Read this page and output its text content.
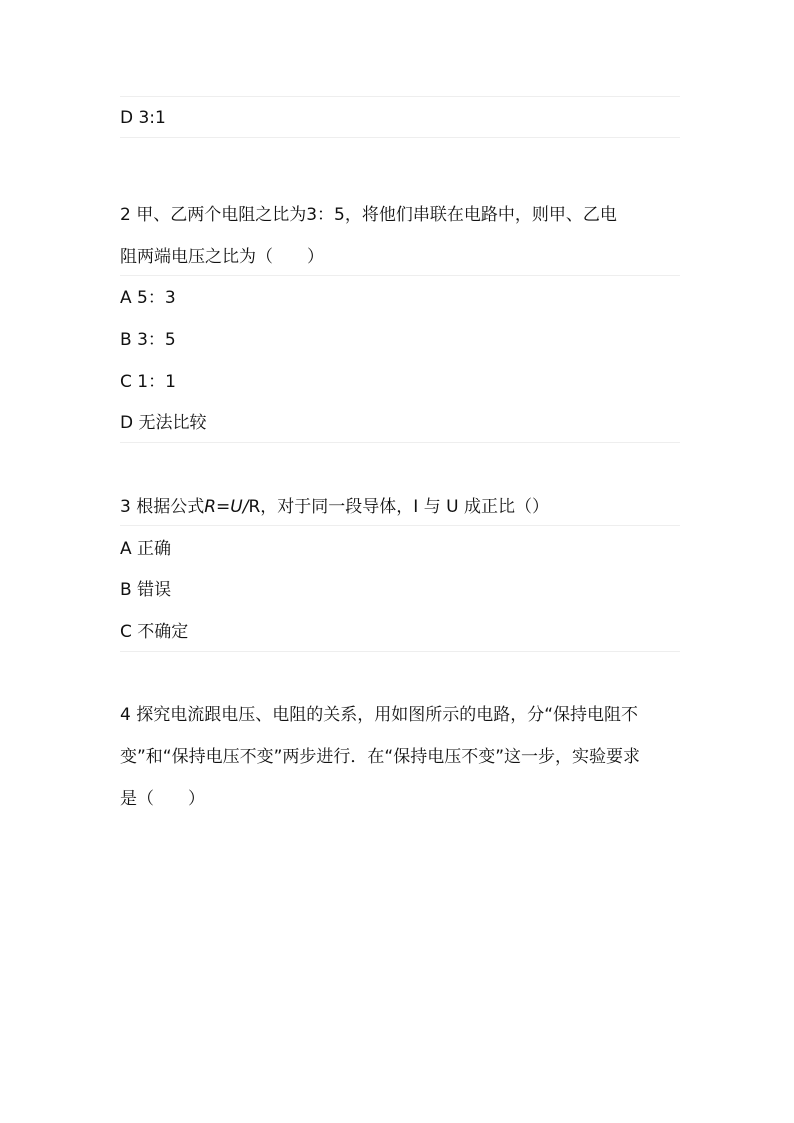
D 3:1
2 甲、乙两个电阻之比为3：5，将他们串联在电路中，则甲、乙电
阻两端电压之比为（　　）
A 5：3
B 3：5
C 1：1
D 无法比较
3 根据公式R=U/R，对于同一段导体，I 与 U 成正比（）
A 正确
B 错误
C 不确定
4 探究电流跟电压、电阻的关系，用如图所示的电路，分“保持电阻不
变”和“保持电压不变”两步进行．在“保持电压不变”这一步，实验要求
是（　　）
